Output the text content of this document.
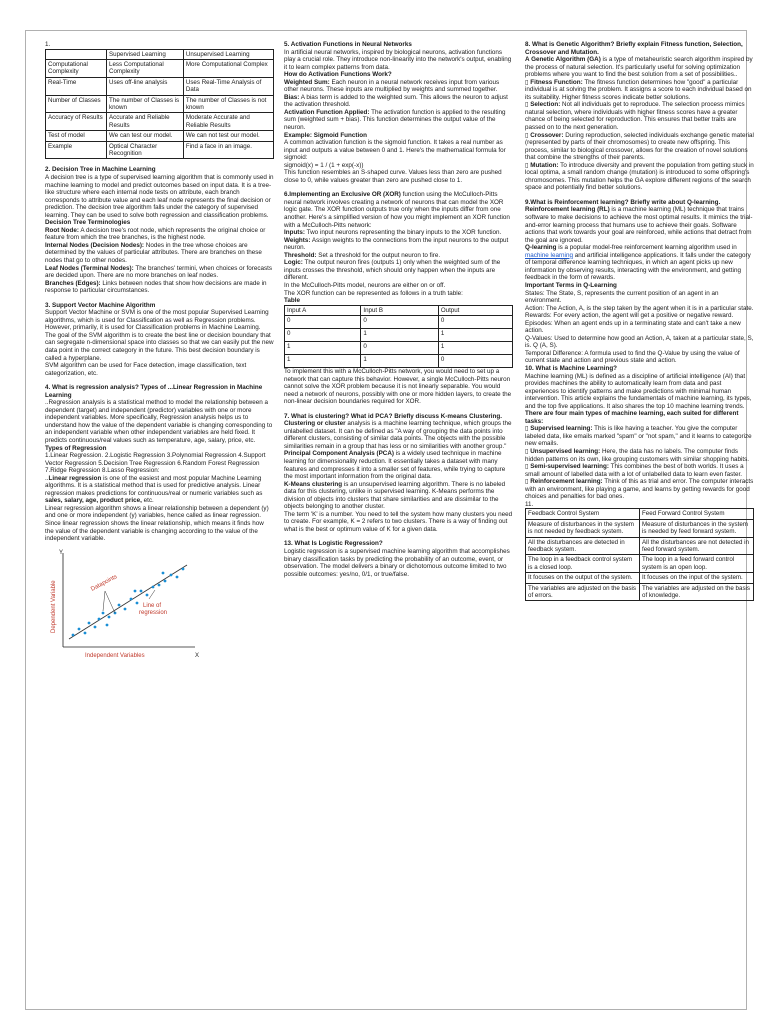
1.

	Supervised Learning	Unsupervised Learning
Computational Complexity	Less Computational Complexity	More Computational Complex
Real-Time	Uses off-line analysis	Uses Real-Time Analysis of Data
Number of Classes	The number of Classes is known	The number of Classes is not known
Accuracy of Results	Accurate and Reliable Results	Moderate Accurate and Reliable Results
Test of model	We can test our model.	We can not test our model.
Example	Optical Character Recognition	Find a face in an image.

2. Decision Tree in Machine Learning

A decision tree is a type of supervised learning algorithm that is commonly used in machine learning to model and predict outcomes based on input data. It is a tree-like structure where each internal node tests on attribute, each branch corresponds to attribute value and each leaf node represents the final decision or prediction. The decision tree algorithm falls under the category of supervised learning. They can be used to solve both regression and classification problems.

Decision Tree Terminologies

Root Node: A decision tree's root node, which represents the original choice or feature from which the tree branches, is the highest node.

Internal Nodes (Decision Nodes): Nodes in the tree whose choices are determined by the values of particular attributes. There are branches on these nodes that go to other nodes.

Leaf Nodes (Terminal Nodes): The branches' termini, when choices or forecasts are decided upon. There are no more branches on leaf nodes.

Branches (Edges): Links between nodes that show how decisions are made in response to particular circumstances.

3. Support Vector Machine Algorithm

Support Vector Machine or SVM is one of the most popular Supervised Learning algorithms, which is used for Classification as well as Regression problems. However, primarily, it is used for Classification problems in Machine Learning.

The goal of the SVM algorithm is to create the best line or decision boundary that can segregate n-dimensional space into classes so that we can easily put the new data point in the correct category in the future. This best decision boundary is called a hyperplane.

SVM algorithm can be used for Face detection, image classification, text categorization, etc.

4. What is regression analysis? Types of ...Linear Regression in Machine Learning

..Regression analysis is a statistical method to model the relationship between a dependent (target) and independent (predictor) variables with one or more independent variables. More specifically, Regression analysis helps us to understand how the value of the dependent variable is changing corresponding to an independent variable when other independent variables are held fixed. It predicts continuous/real values such as temperature, age, salary, price, etc.

Types of Regression

1.Linear Regression. 2.Logistic Regression 3.Polynomial Regression 4.Support Vector Regression 5.Decision Tree Regression 6.Random Forest Regression 7.Ridge Regression 8.Lasso Regression:

..Linear regression is one of the easiest and most popular Machine Learning algorithms. It is a statistical method that is used for predictive analysis. Linear regression makes predictions for continuous/real or numeric variables such as sales, salary, age, product price, etc.

Linear regression algorithm shows a linear relationship between a dependent (y) and one or more independent (y) variables, hence called as linear regression. Since linear regression shows the linear relationship, which means it finds how the value of the dependent variable is changing according to the value of the independent variable.

Y
X
Dependent Variable
Independent Variables
Datapoints
Line of
regression

5. Activation Functions in Neural Networks

In artificial neural networks, inspired by biological neurons, activation functions play a crucial role. They introduce non-linearity into the network's output, enabling it to learn complex patterns from data.

How do Activation Functions Work?

Weighted Sum: Each neuron in a neural network receives input from various other neurons. These inputs are multiplied by weights and summed together.

Bias: A bias term is added to the weighted sum. This allows the neuron to adjust the activation threshold.

Activation Function Applied: The activation function is applied to the resulting sum (weighted sum + bias). This function determines the output value of the neuron.

Example: Sigmoid Function

A common activation function is the sigmoid function. It takes a real number as input and outputs a value between 0 and 1. Here's the mathematical formula for sigmoid:

sigmoid(x) = 1 / (1 + exp(-x))

This function resembles an S-shaped curve. Values less than zero are pushed close to 0, while values greater than zero are pushed close to 1.

6.Implementing an Exclusive OR (XOR) function using the McCulloch-Pitts neural network involves creating a network of neurons that can model the XOR logic gate. The XOR function outputs true only when the inputs differ from one another. Here's a simplified version of how you might implement an XOR function with a McCulloch-Pitts network:

Inputs: Two input neurons representing the binary inputs to the XOR function.

Weights: Assign weights to the connections from the input neurons to the output neuron.

Threshold: Set a threshold for the output neuron to fire.

Logic: The output neuron fires (outputs 1) only when the weighted sum of the inputs crosses the threshold, which should only happen when the inputs are different.

In the McCulloch-Pitts model, neurons are either on or off.

The XOR function can be represented as follows in a truth table:

Table

Input A	Input B	Output
0	0	0
0	1	1
1	0	1
1	1	0

To implement this with a McCulloch-Pitts network, you would need to set up a network that can capture this behavior. However, a single McCulloch-Pitts neuron cannot solve the XOR problem because it is not linearly separable. You would need a network of neurons, possibly with one or more hidden layers, to create the non-linear decision boundaries required for XOR.

7. What is clustering? What id PCA? Briefly discuss K-means Clustering.

Clustering or cluster analysis is a machine learning technique, which groups the unlabelled dataset. It can be defined as "A way of grouping the data points into different clusters, consisting of similar data points. The objects with the possible similarities remain in a group that has less or no similarities with another group."

Principal Component Analysis (PCA) is a widely used technique in machine learning for dimensionality reduction. It essentially takes a dataset with many features and compresses it into a smaller set of features, while trying to capture the most important information from the original data.

K-Means clustering is an unsupervised learning algorithm. There is no labeled data for this clustering, unlike in supervised learning. K-Means performs the division of objects into clusters that share similarities and are dissimilar to the objects belonging to another cluster.

The term 'K' is a number. You need to tell the system how many clusters you need to create. For example, K = 2 refers to two clusters. There is a way of finding out what is the best or optimum value of K for a given data.

13. What Is Logistic Regression?

Logistic regression is a supervised machine learning algorithm that accomplishes binary classification tasks by predicting the probability of an outcome, event, or observation. The model delivers a binary or dichotomous outcome limited to two possible outcomes: yes/no, 0/1, or true/false.

8. What is Genetic Algorithm? Briefly explain Fitness function, Selection, Crossover and Mutation.

A Genetic Algorithm (GA) is a type of metaheuristic search algorithm inspired by the process of natural selection. It's particularly useful for solving optimization problems where you want to find the best solution from a set of possibilities..

▯ Fitness Function: The fitness function determines how "good" a particular individual is at solving the problem. It assigns a score to each individual based on its suitability. Higher fitness scores indicate better solutions.

▯ Selection: Not all individuals get to reproduce. The selection process mimics natural selection, where individuals with higher fitness scores have a greater chance of being selected for reproduction. This ensures that better traits are passed on to the next generation.

▯ Crossover: During reproduction, selected individuals exchange genetic material (represented by parts of their chromosomes) to create new offspring. This process, similar to biological crossover, allows for the creation of novel solutions that combine the strengths of their parents.

▯ Mutation: To introduce diversity and prevent the population from getting stuck in local optima, a small random change (mutation) is introduced to some offspring's chromosomes. This mutation helps the GA explore different regions of the search space and potentially find better solutions.

9.What is Reinforcement learning? Briefly write about Q-learning.

Reinforcement learning (RL) is a machine learning (ML) technique that trains software to make decisions to achieve the most optimal results. It mimics the trial-and-error learning process that humans use to achieve their goals. Software actions that work towards your goal are reinforced, while actions that detract from the goal are ignored.

Q-learning is a popular model-free reinforcement learning algorithm used in machine learning and artificial intelligence applications. It falls under the category of temporal difference learning techniques, in which an agent picks up new information by observing results, interacting with the environment, and getting feedback in the form of rewards.

Important Terms in Q-Learning

States: The State, S, represents the current position of an agent in an environment.

Action: The Action, A, is the step taken by the agent when it is in a particular state.

Rewards: For every action, the agent will get a positive or negative reward.

Episodes: When an agent ends up in a terminating state and can't take a new action.

Q-Values: Used to determine how good an Action, A, taken at a particular state, S, is. Q (A, S).

Temporal Difference: A formula used to find the Q-Value by using the value of current state and action and previous state and action.

10. What is Machine Learning?

Machine learning (ML) is defined as a discipline of artificial intelligence (AI) that provides machines the ability to automatically learn from data and past experiences to identify patterns and make predictions with minimal human intervention. This article explains the fundamentals of machine learning, its types, and the top five applications. It also shares the top 10 machine learning trends.

There are four main types of machine learning, each suited for different tasks:

▯ Supervised learning: This is like having a teacher. You give the computer labeled data, like emails marked "spam" or "not spam," and it learns to categorize new emails.

▯ Unsupervised learning: Here, the data has no labels. The computer finds hidden patterns on its own, like grouping customers with similar shopping habits.

▯ Semi-supervised learning: This combines the best of both worlds. It uses a small amount of labelled data with a lot of unlabelled data to learn even faster.

▯ Reinforcement learning: Think of this as trial and error. The computer interacts with an environment, like playing a game, and learns by getting rewards for good choices and penalties for bad ones.

11.

Feedback Control System	Feed Forward Control System
Measure of disturbances in the system is not needed by feedback system.	Measure of disturbances in the system is needed by feed forward system.
All the disturbances are detected in feedback system.	All the disturbances are not detected in feed forward system.
The loop in a feedback control system is a closed loop.	The loop in a feed forward control system is an open loop.
It focuses on the output of the system.	It focuses on the input of the system.
The variables are adjusted on the basis of errors.	The variables are adjusted on the basis of knowledge.
